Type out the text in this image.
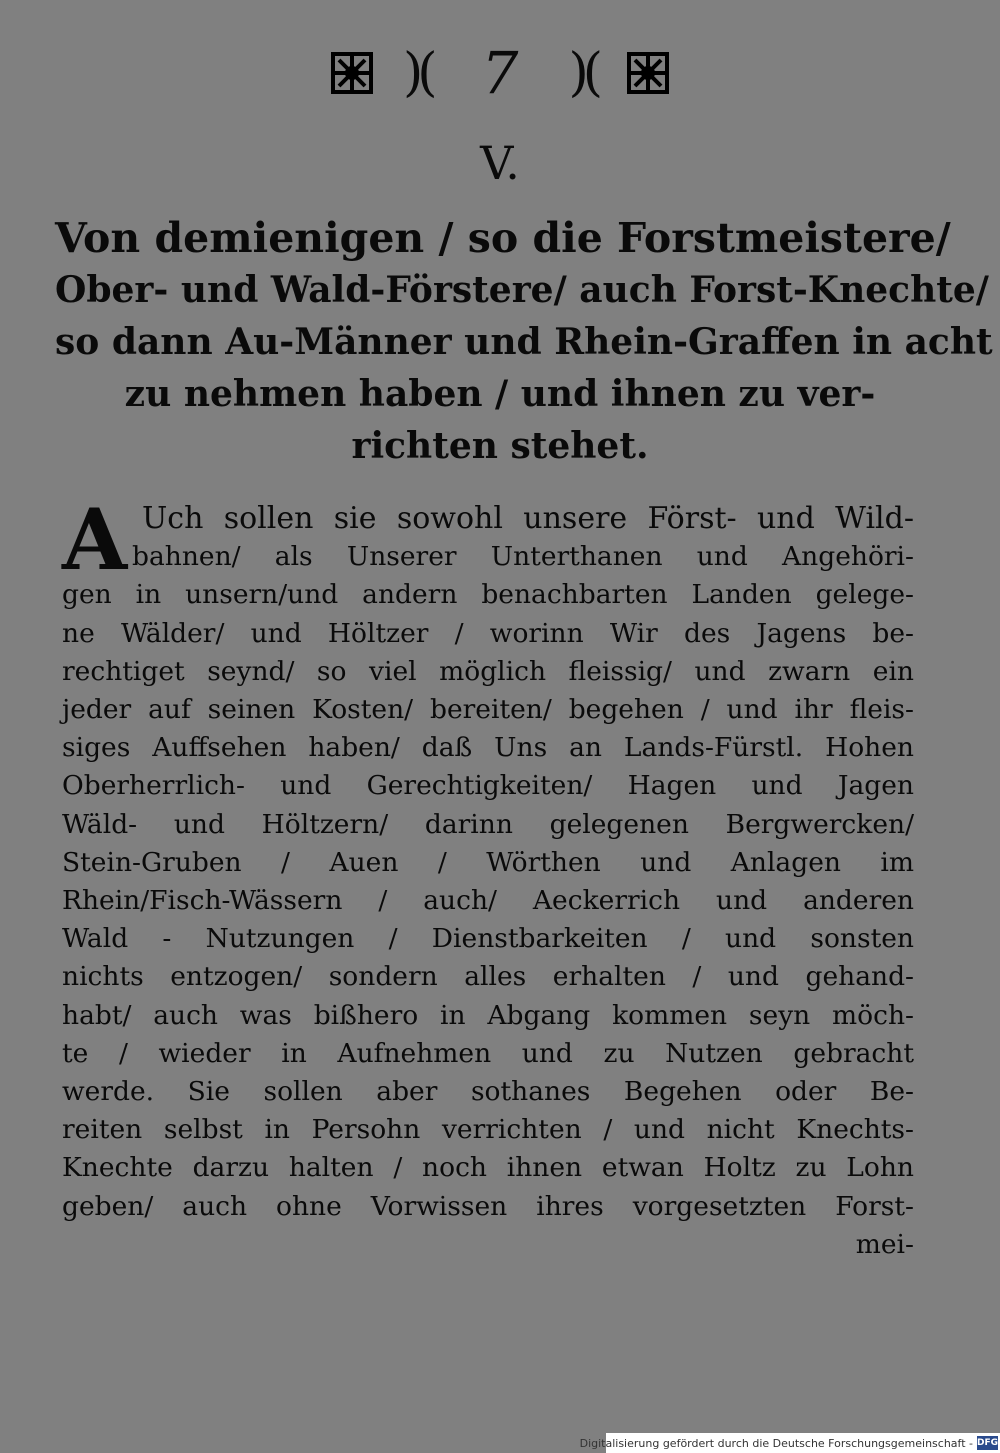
)( 7 )(
V.
Von demienigen / so die Forstmeistere/
Ober- und Wald-Förstere/ auch Forst-Knechte/
so dann Au-Männer und Rhein-Graffen in acht
zu nehmen haben / und ihnen zu ver-
richten stehet.
A Uch sollen sie sowohl unsere Först- und Wild-
bahnen/ als Unserer Unterthanen und Angehöri-
gen in unsern/und andern benachbarten Landen gelege-
ne Wälder/ und Höltzer / worinn Wir des Jagens be-
rechtiget seynd/ so viel möglich fleissig/ und zwarn ein
jeder auf seinen Kosten/ bereiten/ begehen / und ihr fleis-
siges Auffsehen haben/ daß Uns an Lands-Fürstl. Hohen
Oberherrlich- und Gerechtigkeiten/ Hagen und Jagen
Wäld- und Höltzern/ darinn gelegenen Bergwercken/
Stein-Gruben / Auen / Wörthen und Anlagen im
Rhein/Fisch-Wässern / auch/ Aeckerrich und anderen
Wald - Nutzungen / Dienstbarkeiten / und sonsten
nichts entzogen/ sondern alles erhalten / und gehand-
habt/ auch was bißhero in Abgang kommen seyn möch-
te / wieder in Aufnehmen und zu Nutzen gebracht
werde. Sie sollen aber sothanes Begehen oder Be-
reiten selbst in Persohn verrichten / und nicht Knechts-
Knechte darzu halten / noch ihnen etwan Holtz zu Lohn
geben/ auch ohne Vorwissen ihres vorgesetzten Forst-
mei-
Digitalisierung gefördert durch die Deutsche Forschungsgemeinschaft - DFG
